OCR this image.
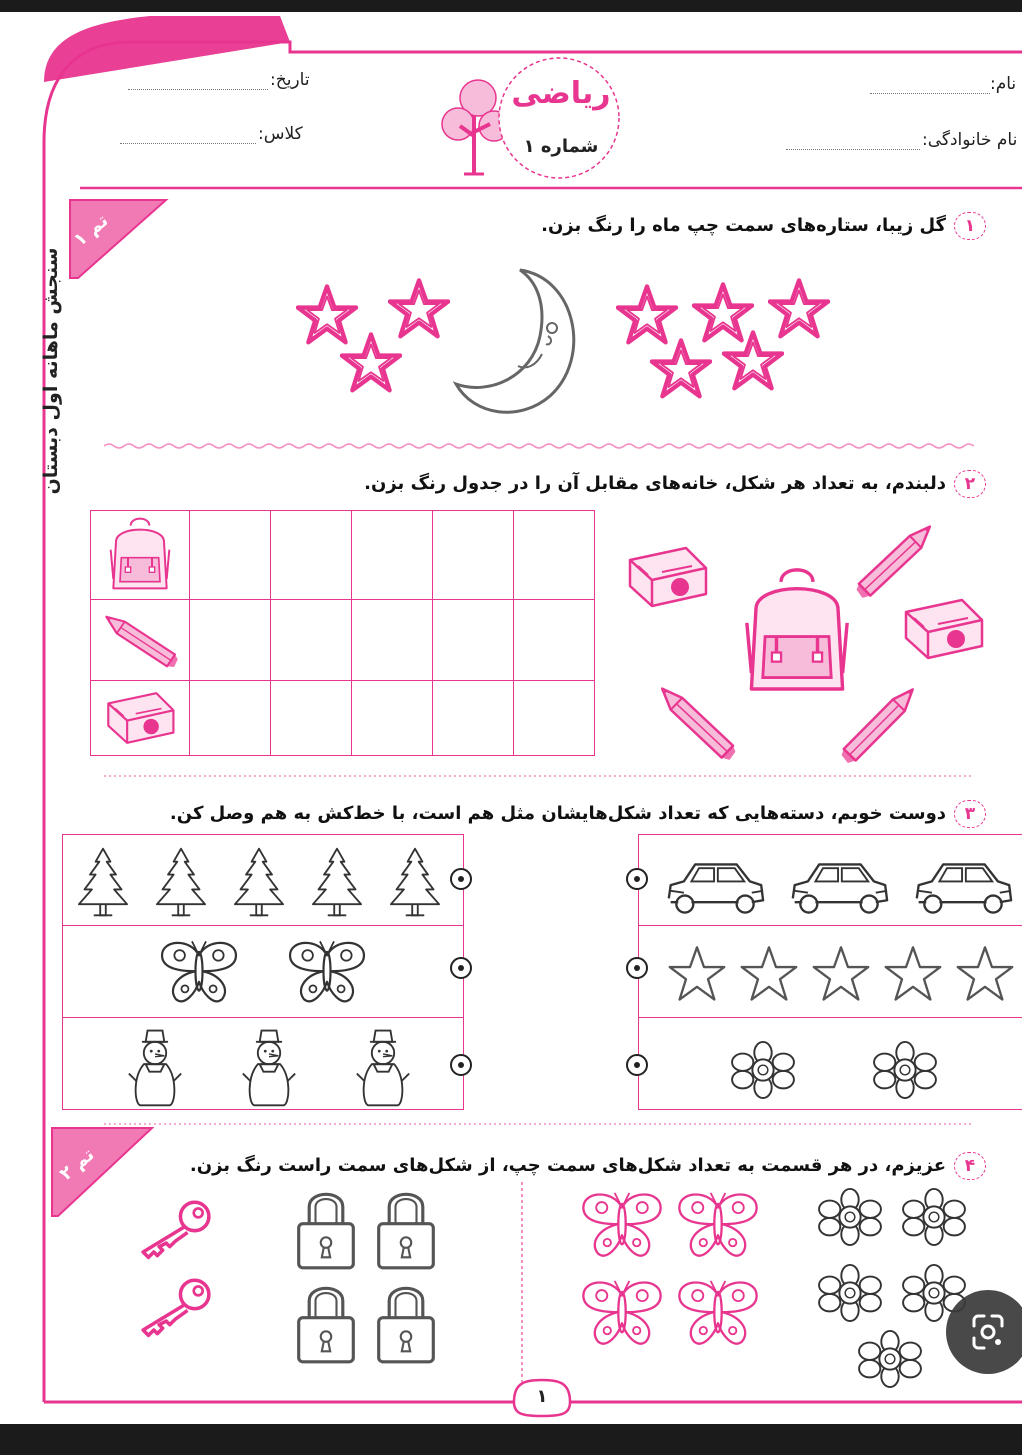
نام:
نام خانوادگی:
تاریخ:
کلاس:
ریاضی
شماره ۱
سنجش ماهانه اول دبستان
تم ۱	۱گل زیبا، ستاره‌های سمت چپ ماه را رنگ بزن.
۲دلبندم، به تعداد هر شکل، خانه‌های مقابل آن را در جدول رنگ بزن.

۳دوست خوبم، دسته‌هایی که تعداد شکل‌هایشان مثل هم است، با خط‌کش به هم وصل کن.
تم ۲	۴عزیزم، در هر قسمت به تعداد شکل‌های سمت چپ، از شکل‌های سمت راست رنگ بزن.
۱
